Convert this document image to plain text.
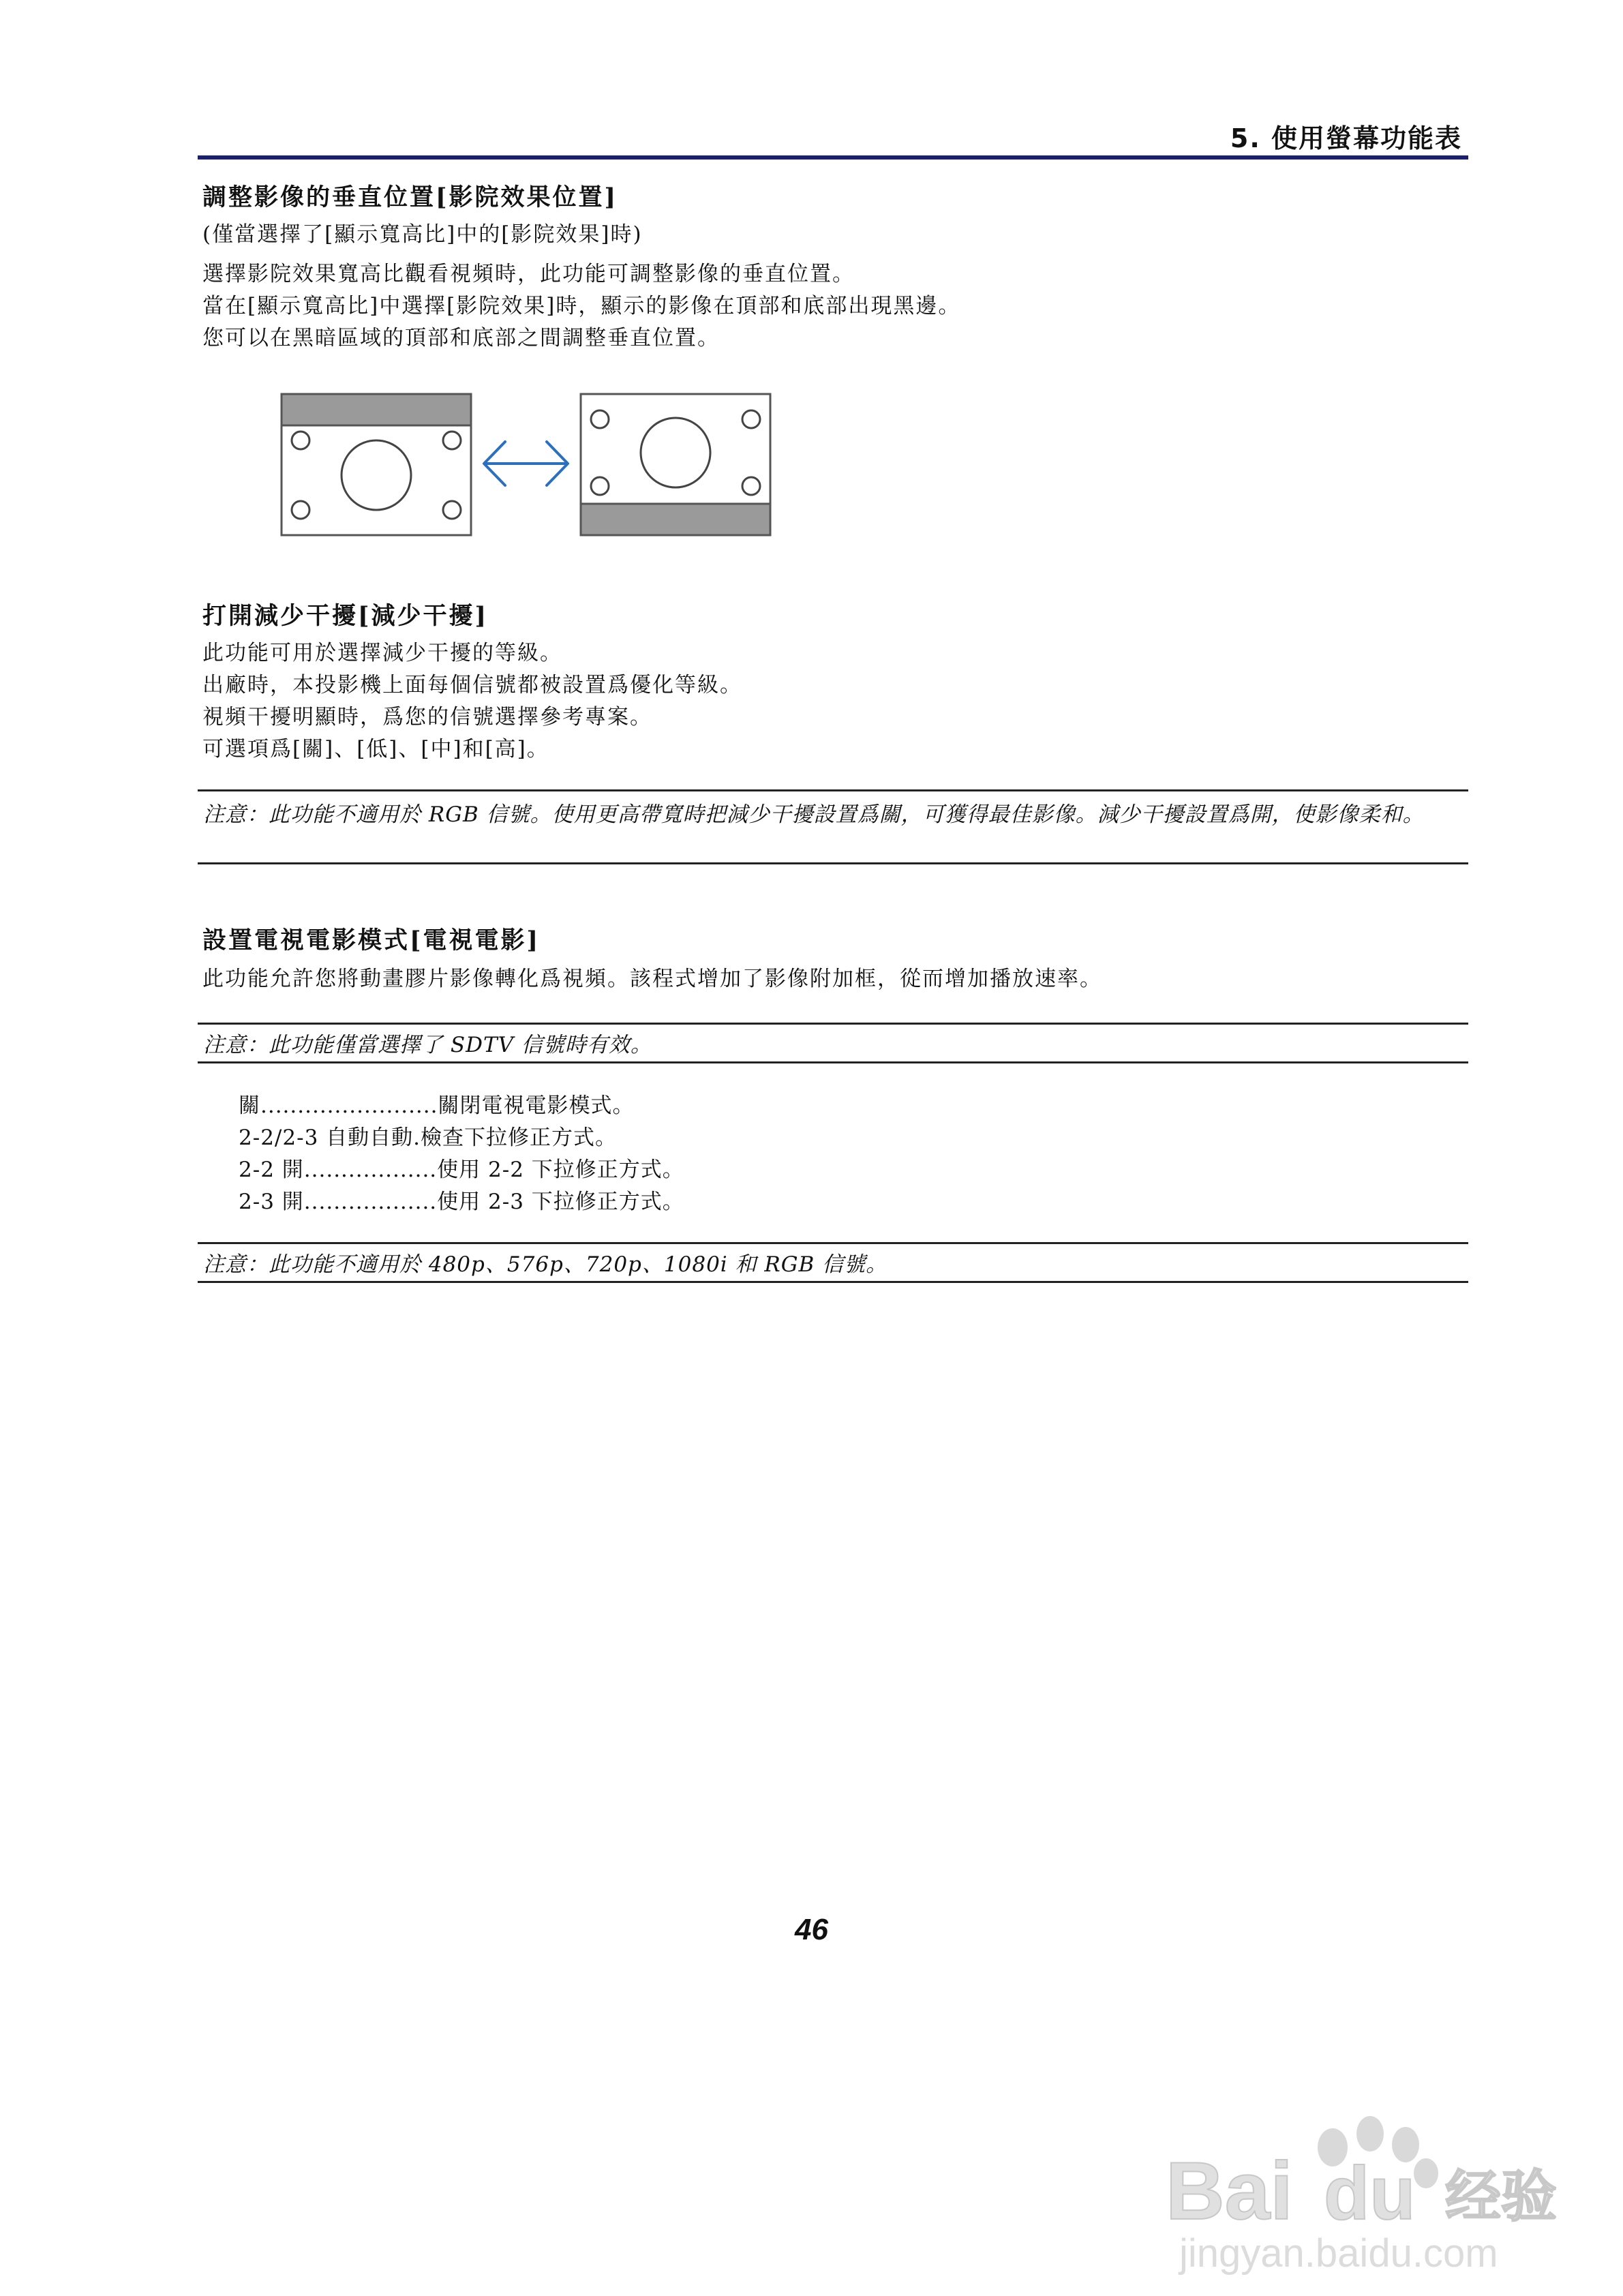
5. 使用螢幕功能表
調整影像的垂直位置[影院效果位置]
(僅當選擇了[顯示寬高比]中的[影院效果]時)
選擇影院效果寬高比觀看視頻時，此功能可調整影像的垂直位置。
當在[顯示寬高比]中選擇[影院效果]時，顯示的影像在頂部和底部出現黑邊。
您可以在黑暗區域的頂部和底部之間調整垂直位置。
打開減少干擾[減少干擾]
此功能可用於選擇減少干擾的等級。
出廠時，本投影機上面每個信號都被設置爲優化等級。
視頻干擾明顯時，爲您的信號選擇參考專案。
可選項爲[關]、[低]、[中]和[高]。
注意：此功能不適用於 RGB 信號。使用更高帶寬時把減少干擾設置爲關，可獲得最佳影像。減少干擾設置爲開，使影像柔和。
設置電視電影模式[電視電影]
此功能允許您將動畫膠片影像轉化爲視頻。該程式增加了影像附加框，從而增加播放速率。
注意：此功能僅當選擇了 SDTV 信號時有效。
關........................關閉電視電影模式。
2-2/2-3 自動自動.檢查下拉修正方式。
2-2 開..................使用 2-2 下拉修正方式。
2-3 開..................使用 2-3 下拉修正方式。
注意：此功能不適用於 480p、576p、720p、1080i 和 RGB 信號。
46
Bai du 经验
jingyan.baidu.com
